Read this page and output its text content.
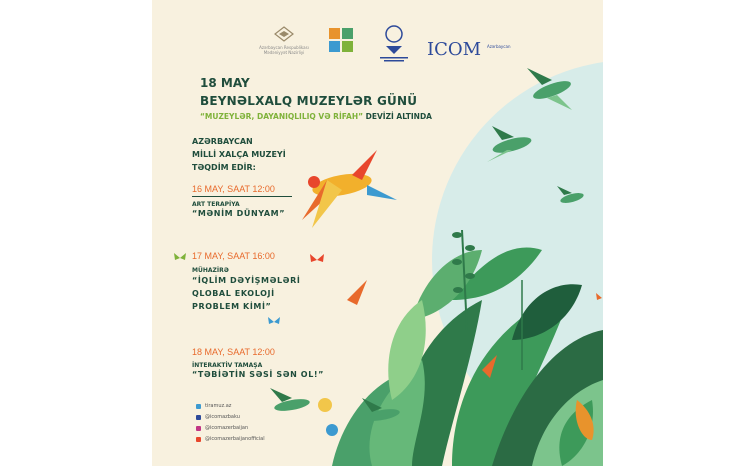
Azərbaycan Respublikası Mədəniyyət Nazirliyi	ICOM Azərbaycan
18 MAY
BEYNƏLXALQ MUZEYLƏR GÜNÜ
“MUZEYLƏR, DAYANIQLILIQ VƏ RİFAH” DEVİZİ ALTINDA
AZƏRBAYCAN
MİLLİ XALÇA MUZEYİ
TƏQDİM EDİR:
16 MAY, SAAT 12:00
ART TERAPİYA
“MƏNİM DÜNYAM”
17 MAY, SAAT 16:00
MÜHAZİRƏ
“İQLİM DƏYİŞMƏLƏRİ
QLOBAL EKOLOJİ
PROBLEM KİMİ”
18 MAY, SAAT 12:00
İNTERAKTİV TAMAŞA
“TƏBİƏTİN SƏSİ SƏN OL!”
tiramuz.az
@icomazbaku
@icomazerbaijan
@icomazerbaijanofficial
